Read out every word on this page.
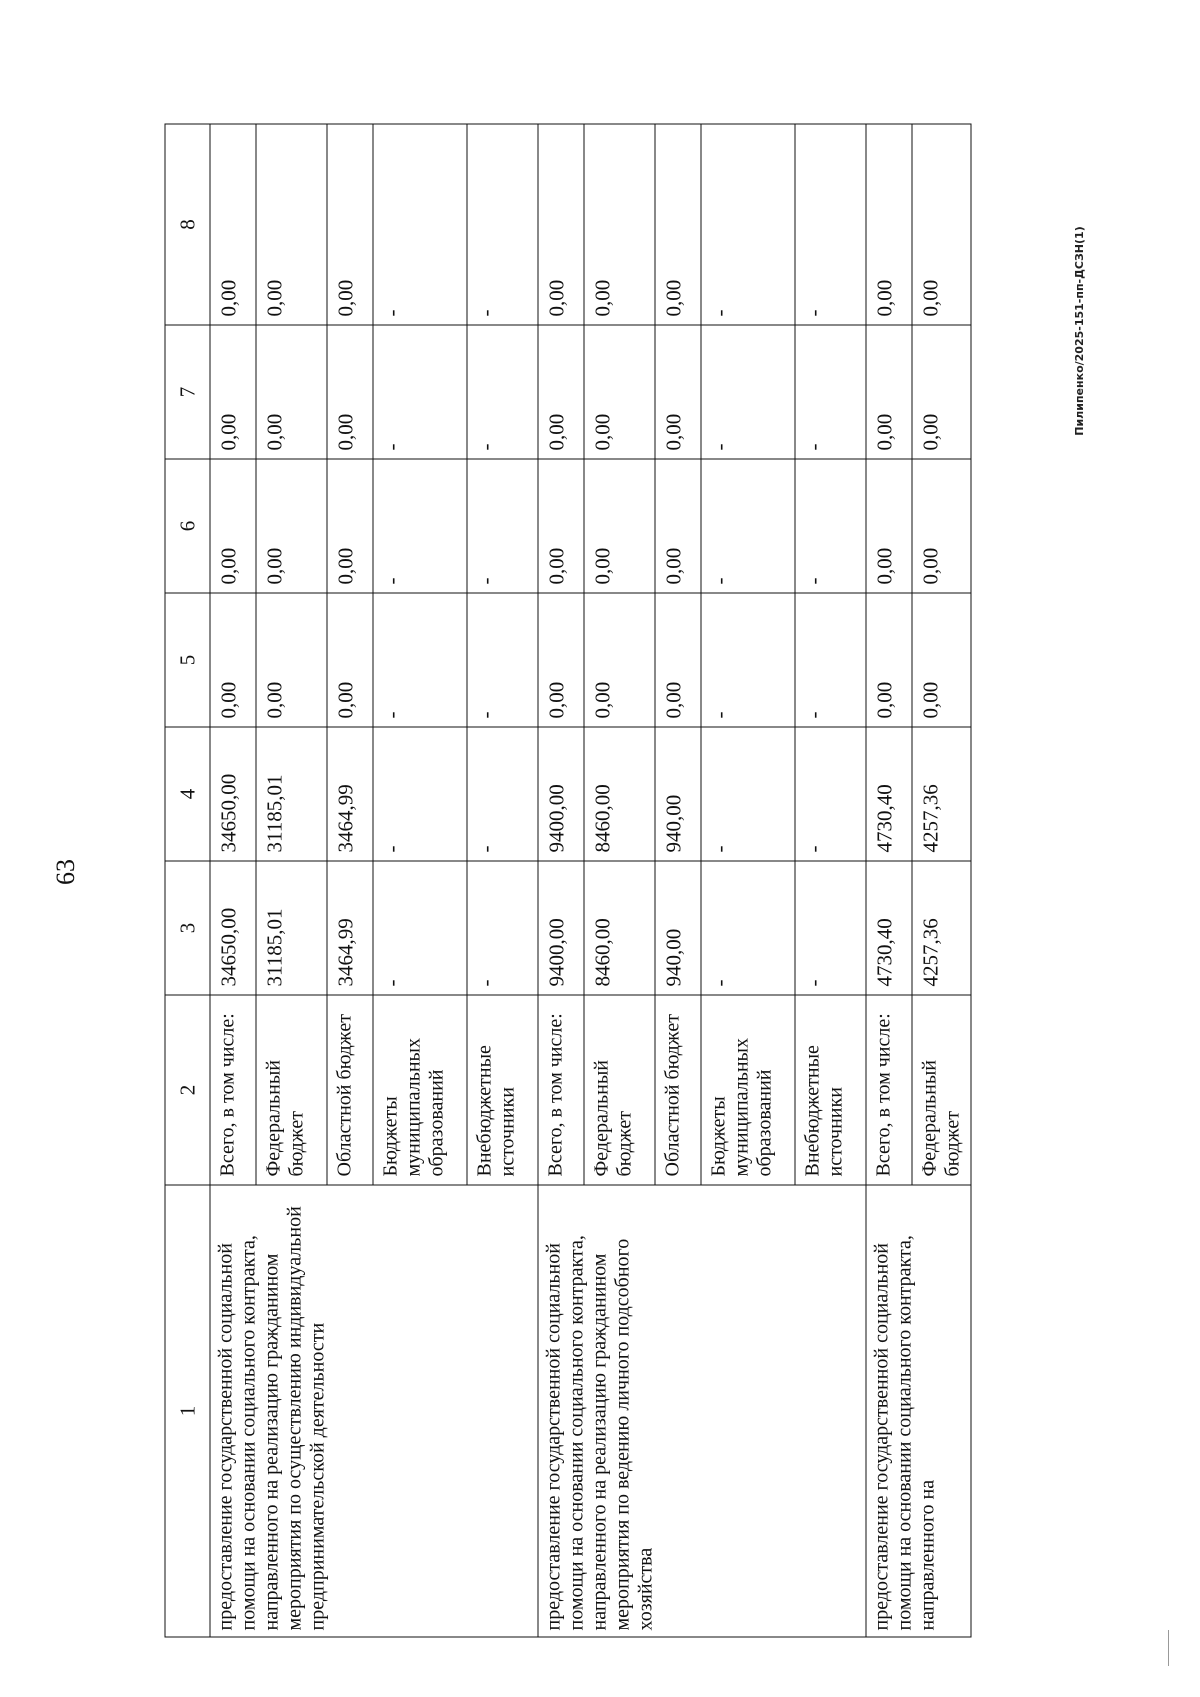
63
Пилипенко/2025-151-пп-ДСЗН(1)
1	2	3	4	5	6	7	8
предоставление государственной социальной помощи на основании социального контракта, направленного на реализацию гражданином мероприятия по осуществлению индивидуальной предпринимательской деятельности	Всего, в том числе:	34650,00	34650,00	0,00	0,00	0,00	0,00
	Федеральный бюджет	31185,01	31185,01	0,00	0,00	0,00	0,00
	Областной бюджет	3464,99	3464,99	0,00	0,00	0,00	0,00
	Бюджеты муниципальных образований	-	-	-	-	-	-
	Внебюджетные источники	-	-	-	-	-	-
предоставление государственной социальной помощи на основании социального контракта, направленного на реализацию гражданином мероприятия по ведению личного подсобного хозяйства	Всего, в том числе:	9400,00	9400,00	0,00	0,00	0,00	0,00
	Федеральный бюджет	8460,00	8460,00	0,00	0,00	0,00	0,00
	Областной бюджет	940,00	940,00	0,00	0,00	0,00	0,00
	Бюджеты муниципальных образований	-	-	-	-	-	-
	Внебюджетные источники	-	-	-	-	-	-
предоставление государственной социальной помощи на основании социального контракта, направленного на	Всего, в том числе:	4730,40	4730,40	0,00	0,00	0,00	0,00
	Федеральный бюджет	4257,36	4257,36	0,00	0,00	0,00	0,00
